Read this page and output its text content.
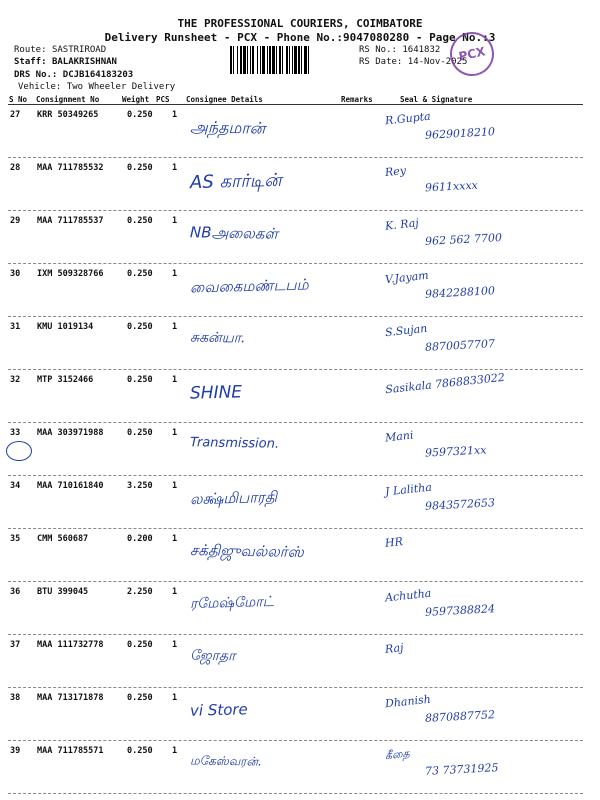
THE PROFESSIONAL COURIERS, COIMBATORE
Delivery Runsheet - PCX - Phone No.:9047080280 - Page No.:3
Route: SASTRIROAD
Staff: BALAKRISHNAN
DRS No.: DCJB164183203
Vehicle: Two Wheeler Delivery
RS No.: 1641832
RS Date: 14-Nov-2025
PCX
S No Consignment No	Weight PCS Consignee Details	Remarks	Seal & Signature
27 KRR 50349265	0.250 1
அந்தமான்	R.Gupta
9629018210
28 MAA 711785532	0.250 1
AS கார்டின்	Rey
9611xxxx
29 MAA 711785537	0.250 1
NBஅலைகள்	K. Raj
962 562 7700
30 IXM 509328766	0.250 1
வைகைமண்டபம்	V.Jayam
9842288100
31 KMU 1019134	0.250 1
சுகன்யா.	S.Sujan
8870057707
32 MTP 3152466	0.250 1
SHINE	Sasikala 7868833022
33 MAA 303971988	0.250 1
Transmission.	Mani
9597321xx
34 MAA 710161840	3.250 1
லக்ஷ்மிபாரதி	J Lalitha
9843572653
35 CMM 560687	0.200 1
சக்திஜுவல்லர்ஸ்	HR
36 BTU 399045	2.250 1
ரமேஷ்மோட்	Achutha
9597388824
37 MAA 111732778	0.250 1
ஜோதா	Raj
38 MAA 713171878	0.250 1
vi Store	Dhanish
8870887752
39 MAA 711785571	0.250 1
மகேஸ்வரன்.	கீதை
73 73731925
